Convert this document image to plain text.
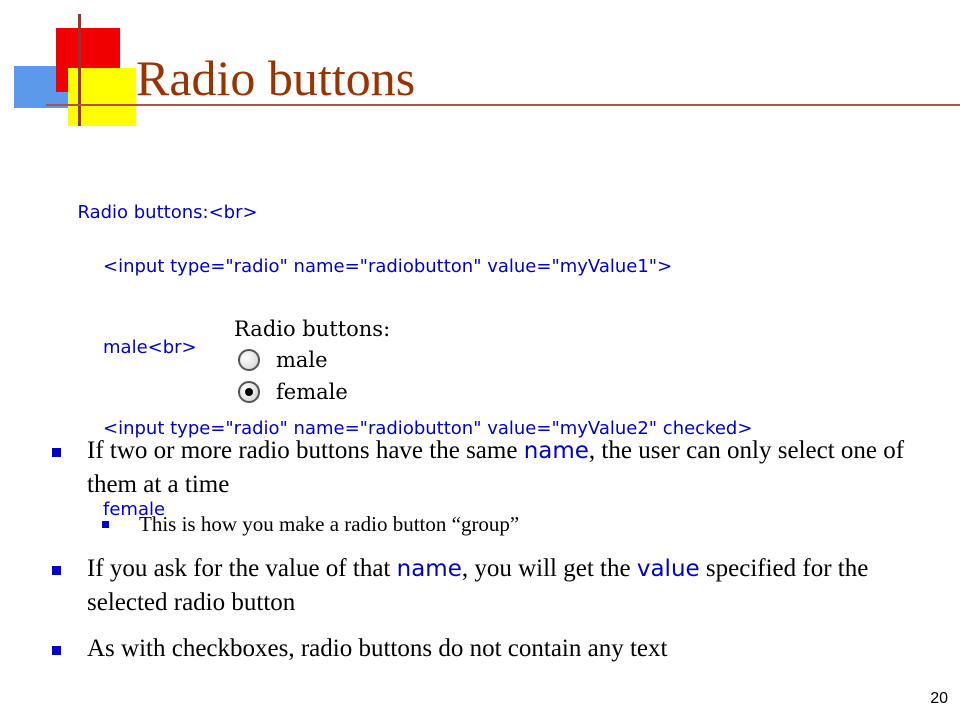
Radio buttons

Radio buttons:<br>

<input type="radio" name="radiobutton" value="myValue1">

male<br>

<input type="radio" name="radiobutton" value="myValue2" checked>

female

Radio buttons:
male
female
If two or more radio buttons have the same name, the user can only select one of them at a time
This is how you make a radio button “group”
If you ask for the value of that name, you will get the value specified for the selected radio button
As with checkboxes, radio buttons do not contain any text
20
